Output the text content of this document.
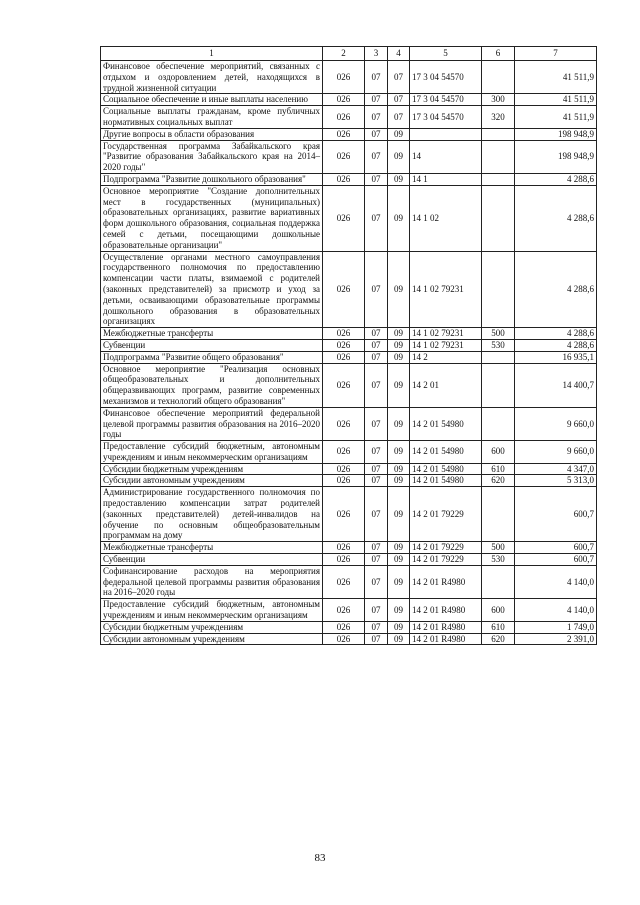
1	2	3	4	5	6	7
Финансовое обеспечение мероприятий, связанных с отдыхом и оздоровлением детей, находящихся в трудной жизненной ситуации	026	07	07	17 3 04 54570		41 511,9
Социальное обеспечение и иные выплаты населению	026	07	07	17 3 04 54570	300	41 511,9
Социальные выплаты гражданам, кроме публичных нормативных социальных выплат	026	07	07	17 3 04 54570	320	41 511,9
Другие вопросы в области образования	026	07	09			198 948,9
Государственная программа Забайкальского края "Развитие образования Забайкальского края на 2014–2020 годы"	026	07	09	14		198 948,9
Подпрограмма "Развитие дошкольного образования"	026	07	09	14 1		4 288,6
Основное мероприятие "Создание дополнительных мест в государственных (муниципальных) образовательных организациях, развитие вариативных форм дошкольного образования, социальная поддержка семей с детьми, посещающими дошкольные образовательные организации"	026	07	09	14 1 02		4 288,6
Осуществление органами местного самоуправления государственного полномочия по предоставлению компенсации части платы, взимаемой с родителей (законных представителей) за присмотр и уход за детьми, осваивающими образовательные программы дошкольного образования в образовательных организациях	026	07	09	14 1 02 79231		4 288,6
Межбюджетные трансферты	026	07	09	14 1 02 79231	500	4 288,6
Субвенции	026	07	09	14 1 02 79231	530	4 288,6
Подпрограмма "Развитие общего образования"	026	07	09	14 2		16 935,1
Основное мероприятие "Реализация основных общеобразовательных и дополнительных общеразвивающих программ, развитие современных механизмов и технологий общего образования"	026	07	09	14 2 01		14 400,7
Финансовое обеспечение мероприятий федеральной целевой программы развития образования на 2016–2020 годы	026	07	09	14 2 01 54980		9 660,0
Предоставление субсидий бюджетным, автономным учреждениям и иным некоммерческим организациям	026	07	09	14 2 01 54980	600	9 660,0
Субсидии бюджетным учреждениям	026	07	09	14 2 01 54980	610	4 347,0
Субсидии автономным учреждениям	026	07	09	14 2 01 54980	620	5 313,0
Администрирование государственного полномочия по предоставлению компенсации затрат родителей (законных представителей) детей-инвалидов на обучение по основным общеобразовательным программам на дому	026	07	09	14 2 01 79229		600,7
Межбюджетные трансферты	026	07	09	14 2 01 79229	500	600,7
Субвенции	026	07	09	14 2 01 79229	530	600,7
Софинансирование расходов на мероприятия федеральной целевой программы развития образования на 2016–2020 годы	026	07	09	14 2 01 R4980		4 140,0
Предоставление субсидий бюджетным, автономным учреждениям и иным некоммерческим организациям	026	07	09	14 2 01 R4980	600	4 140,0
Субсидии бюджетным учреждениям	026	07	09	14 2 01 R4980	610	1 749,0
Субсидии автономным учреждениям	026	07	09	14 2 01 R4980	620	2 391,0
83
